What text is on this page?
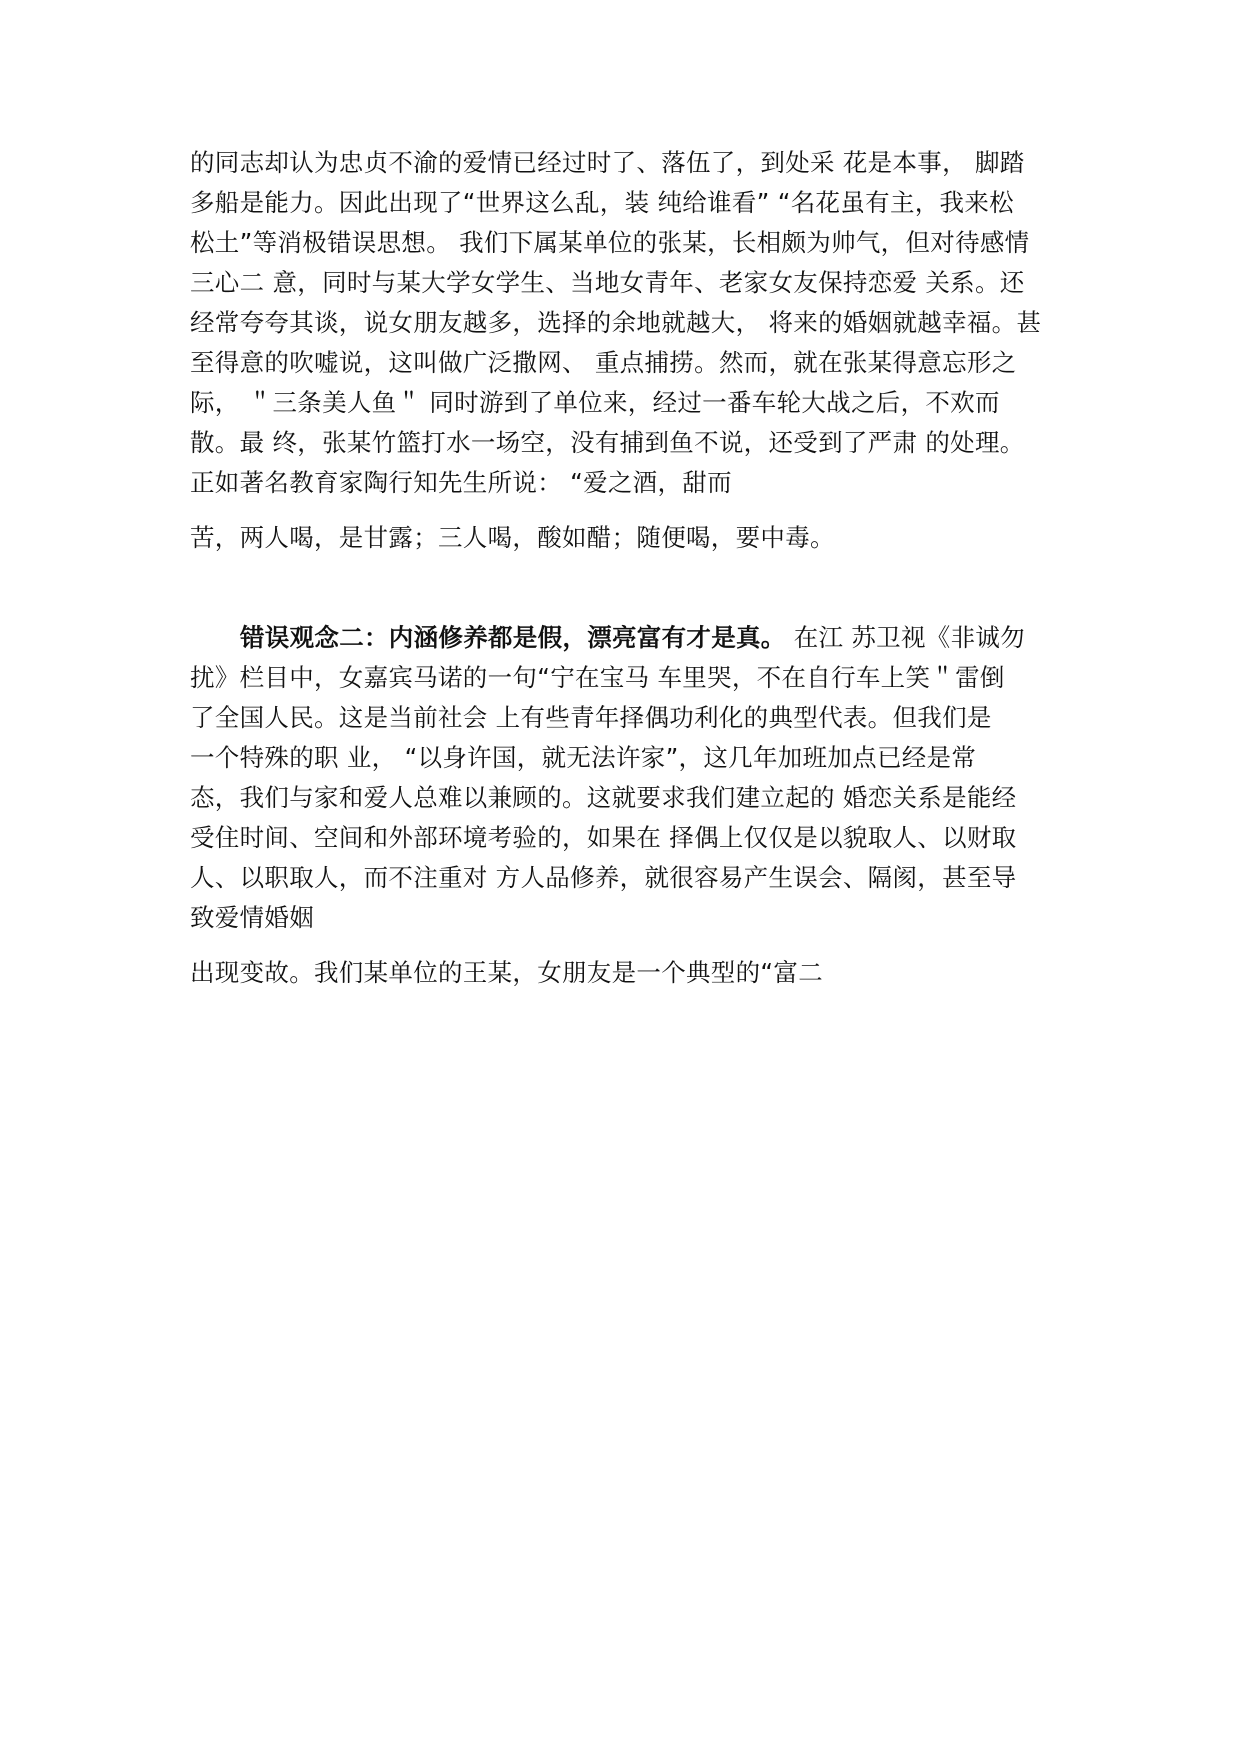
的同志却认为忠贞不渝的爱情已经过时了、落伍了，到处采 花是本事， 脚踏
多船是能力。因此出现了“世界这么乱，装 纯给谁看” “名花虽有主，我来松
松土”等消极错误思想。 我们下属某单位的张某，长相颇为帅气，但对待感情
三心二 意，同时与某大学女学生、当地女青年、老家女友保持恋爱 关系。还
经常夸夸其谈，说女朋友越多，选择的余地就越大， 将来的婚姻就越幸福。甚
至得意的吹嘘说，这叫做广泛撒网、 重点捕捞。然而，就在张某得意忘形之
际， ＂三条美人鱼＂ 同时游到了单位来，经过一番车轮大战之后，不欢而
散。最 终，张某竹篮打水一场空，没有捕到鱼不说，还受到了严肃 的处理。
正如著名教育家陶行知先生所说： “爱之酒，甜而
苦，两人喝，是甘露；三人喝，酸如醋；随便喝，要中毒。
错误观念二：内涵修养都是假，漂亮富有才是真。 在江 苏卫视《非诚勿
扰》栏目中，女嘉宾马诺的一句“宁在宝马 车里哭，不在自行车上笑＂雷倒
了全国人民。这是当前社会 上有些青年择偶功利化的典型代表。但我们是
一个特殊的职 业， “以身许国，就无法许家”，这几年加班加点已经是常
态，我们与家和爱人总难以兼顾的。这就要求我们建立起的 婚恋关系是能经
受住时间、空间和外部环境考验的，如果在 择偶上仅仅是以貌取人、以财取
人、以职取人，而不注重对 方人品修养，就很容易产生误会、隔阂，甚至导
致爱情婚姻
出现变故。我们某单位的王某，女朋友是一个典型的“富二
